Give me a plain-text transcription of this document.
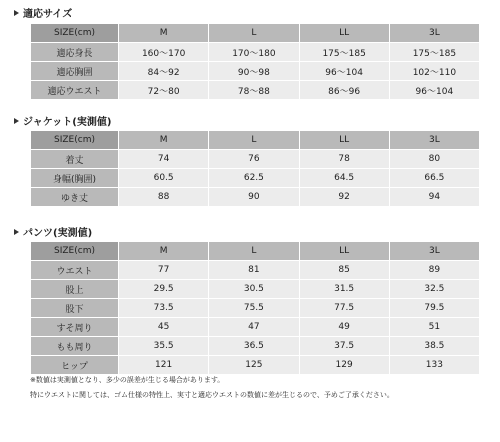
適応サイズ
SIZE(cm)	M	L	LL	3L
適応身長	160～170	170～180	175～185	175～185
適応胸囲	84～92	90～98	96～104	102～110
適応ウエスト	72～80	78～88	86～96	96～104
ジャケット(実測値)
SIZE(cm)	M	L	LL	3L
着丈	74	76	78	80
身幅(胸囲)	60.5	62.5	64.5	66.5
ゆき丈	88	90	92	94
パンツ(実測値)
SIZE(cm)	M	L	LL	3L
ウエスト	77	81	85	89
股上	29.5	30.5	31.5	32.5
股下	73.5	75.5	77.5	79.5
すそ周り	45	47	49	51
もも周り	35.5	36.5	37.5	38.5
ヒップ	121	125	129	133
※数値は実測値となり、多少の誤差が生じる場合があります。
特にウエストに関しては、ゴム仕様の特性上、実寸と適応ウエストの数値に差が生じるので、予めご了承ください。
